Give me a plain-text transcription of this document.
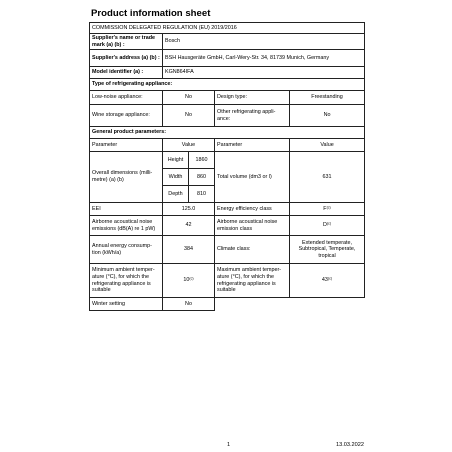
Product information sheet
COMMISSION DELEGATED REGULATION (EU) 2019/2016				
Supplier's name or trade mark (a) (b) :	Bosch			
Supplier's address (a) (b) :	BSH Hausgeräte GmbH, Carl-Wery-Str. 34, 81739 Munich, Germany			
Model identifier (a) :	KGN864IFA			
Type of refrigerating appliance:				
Low-noise appliance:	No		Design type:	Freestanding
Wine storage appliance:	No		Other refrigerating appli- ance:	No
General product parameters:				
Parameter	Value		Parameter	Value
Overall dimensions (milli- metre) (a) (b)	Height	1860	Total volume (dm3 or l)	631
	Width	860		
	Depth	810		
EEI	125.0		Energy efficiency class	$F^{(c)}$
Airborne acoustical noise emissions (dB(A) re 1 pW)	42		Airborne acoustical noise emission class	$D^{(c)}$
Annual energy consump- tion (kWh/a)	384		Climate class:	Extended temperate, Subtropical, Temperate, tropical
Minimum ambient temper- ature (°C), for which the refrigerating appliance is suitable	10$^{(c)}$		Maximum ambient temper- ature (°C), for which the refrigerating appliance is suitable	43$^{(c)}$
Winter setting	No			
1	13.03.2022
